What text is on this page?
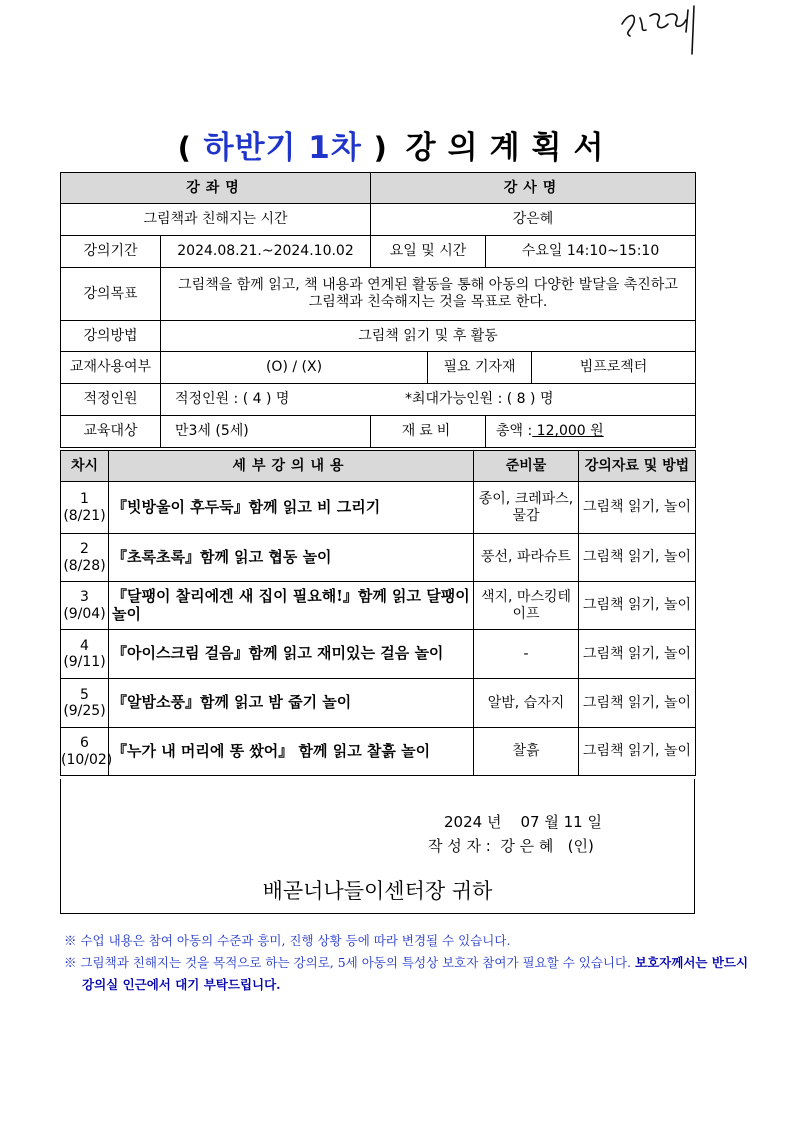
( 하반기 1차 ) 강의계획서
강좌명		강사명			
그림책과 친해지는 시간		강은혜			
강의기간	2024.08.21.~2024.10.02	요일 및 시간		수요일 14:10~15:10	
강의목표	그림책을 함께 읽고, 책 내용과 연계된 활동을 통해 아동의 다양한 발달을 촉진하고 그림책과 친숙해지는 것을 목표로 한다.				
강의방법	그림책 읽기 및 후 활동				
교재사용여부	(O) / (X)		필요 기자재		빔프로젝터
적정인원	적정인원 : ( 4 ) 명 *최대가능인원 : ( 8 ) 명				
교육대상	만3세 (5세)	재료비		총액 : 12,000 원	
차시	세부강의내용	준비물	강의자료 및 방법
1
(8/21)	『빗방울이 후두둑』함께 읽고 비 그리기	종이, 크레파스, 물감	그림책 읽기, 놀이
2
(8/28)	『초록초록』함께 읽고 협동 놀이	풍선, 파라슈트	그림책 읽기, 놀이
3
(9/04)	『달팽이 찰리에겐 새 집이 필요해!』함께 읽고 달팽이 놀이	색지, 마스킹테이프	그림책 읽기, 놀이
4
(9/11)	『아이스크림 걸음』함께 읽고 재미있는 걸음 놀이	-	그림책 읽기, 놀이
5
(9/25)	『알밤소풍』함께 읽고 밤 줍기 놀이	알밤, 습자지	그림책 읽기, 놀이
6
(10/02)	『누가 내 머리에 똥 쌌어』 함께 읽고 찰흙 놀이	찰흙	그림책 읽기, 놀이
2024 년    07 월 11 일
작 성 자 :  강 은 혜   (인)
배곧너나들이센터장 귀하

※ 수업 내용은 참여 아동의 수준과 흥미, 진행 상황 등에 따라 변경될 수 있습니다.

※ 그림책과 친해지는 것을 목적으로 하는 강의로, 5세 아동의 특성상 보호자 참여가 필요할 수 있습니다. 보호자께서는 반드시 강의실 인근에서 대기 부탁드립니다.
